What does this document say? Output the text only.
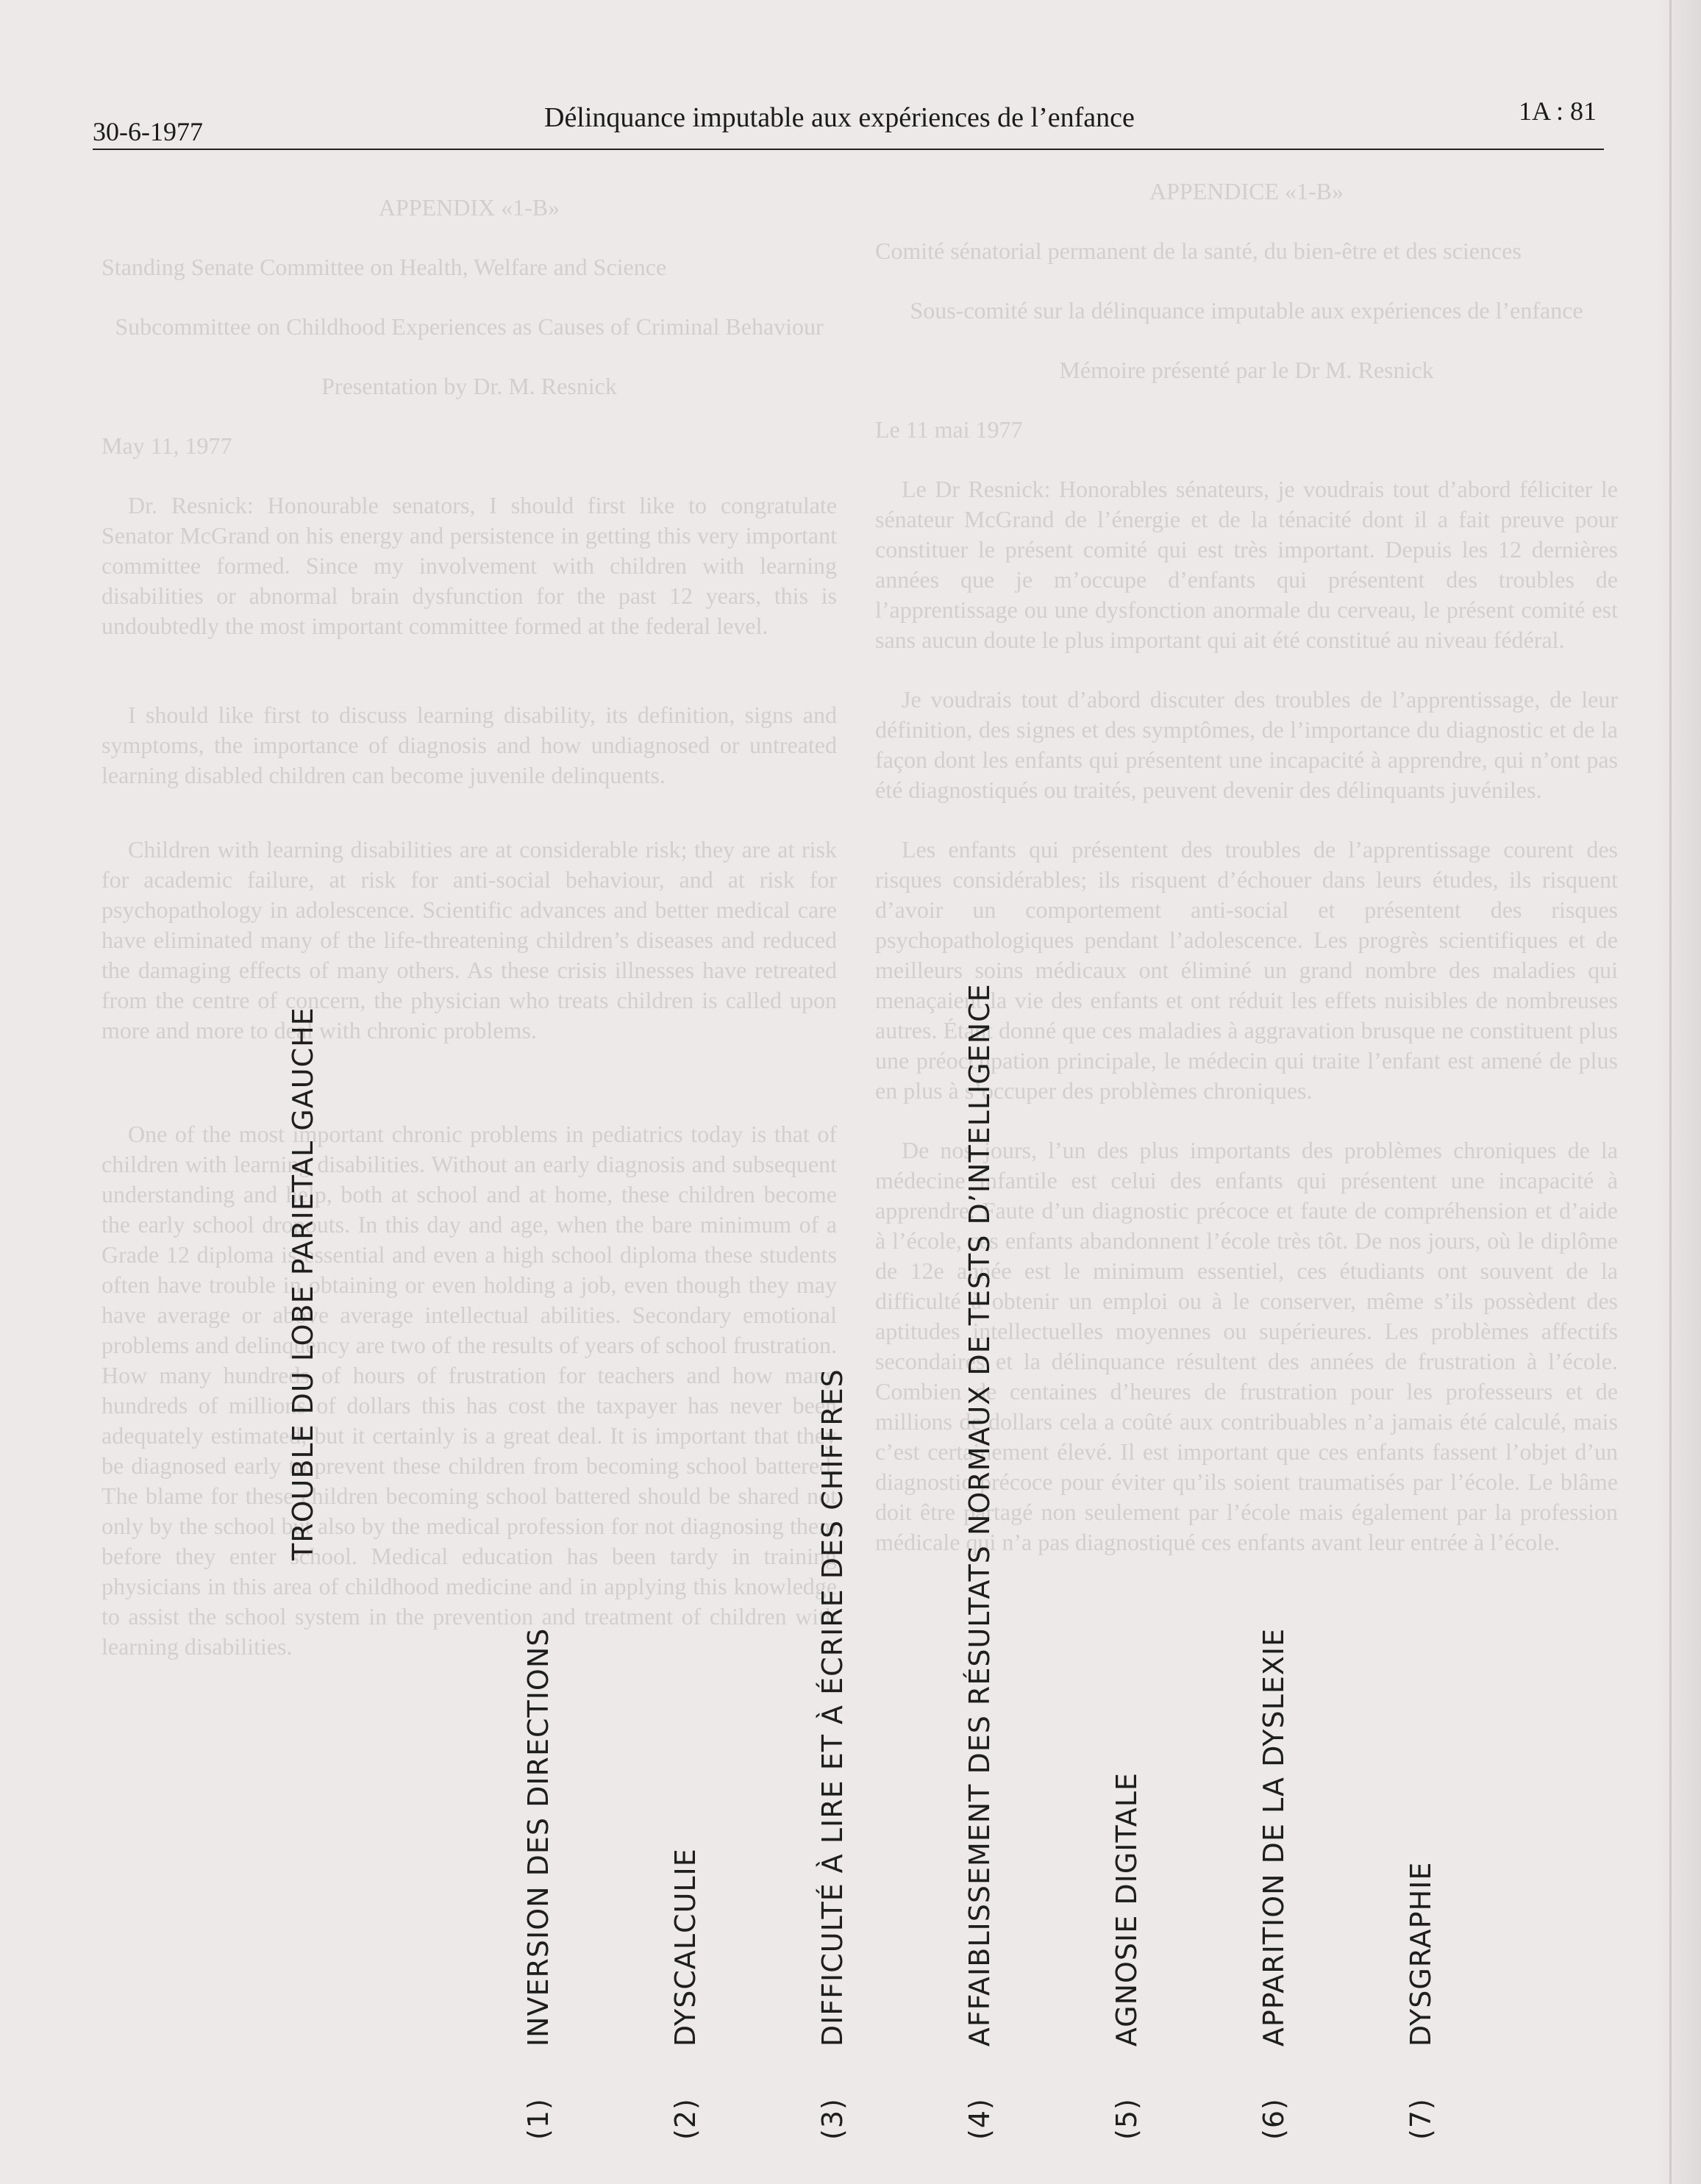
APPENDIX «1-B»

Standing Senate Committee on Health, Welfare and Science

Subcommittee on Childhood Experiences as Causes of Criminal Behaviour

Presentation by Dr. M. Resnick

May 11, 1977

Dr. Resnick: Honourable senators, I should first like to congratulate Senator McGrand on his energy and persistence in getting this very important committee formed. Since my involvement with children with learning disabilities or abnormal brain dysfunction for the past 12 years, this is undoubtedly the most important committee formed at the federal level.

I should like first to discuss learning disability, its definition, signs and symptoms, the importance of diagnosis and how undiagnosed or untreated learning disabled children can become juvenile delinquents.

Children with learning disabilities are at considerable risk; they are at risk for academic failure, at risk for anti-social behaviour, and at risk for psychopathology in adolescence. Scientific advances and better medical care have eliminated many of the life-threatening children’s diseases and reduced the damaging effects of many others. As these crisis illnesses have retreated from the centre of concern, the physician who treats children is called upon more and more to deal with chronic problems.

One of the most important chronic problems in pediatrics today is that of children with learning disabilities. Without an early diagnosis and subsequent understanding and help, both at school and at home, these children become the early school dropouts. In this day and age, when the bare minimum of a Grade 12 diploma is essential and even a high school diploma these students often have trouble in obtaining or even holding a job, even though they may have average or above average intellectual abilities. Secondary emotional problems and delinquency are two of the results of years of school frustration. How many hundreds of hours of frustration for teachers and how many hundreds of millions of dollars this has cost the taxpayer has never been adequately estimated, but it certainly is a great deal. It is important that they be diagnosed early to prevent these children from becoming school battered. The blame for these children becoming school battered should be shared not only by the school but also by the medical profession for not diagnosing them before they enter school. Medical education has been tardy in training physicians in this area of childhood medicine and in applying this knowledge to assist the school system in the prevention and treatment of children with learning disabilities.

APPENDICE «1-B»

Comité sénatorial permanent de la santé, du bien-être et des sciences

Sous-comité sur la délinquance imputable aux expériences de l’enfance

Mémoire présenté par le Dr M. Resnick

Le 11 mai 1977

Le Dr Resnick: Honorables sénateurs, je voudrais tout d’abord féliciter le sénateur McGrand de l’énergie et de la ténacité dont il a fait preuve pour constituer le présent comité qui est très important. Depuis les 12 dernières années que je m’occupe d’enfants qui présentent des troubles de l’apprentissage ou une dysfonction anormale du cerveau, le présent comité est sans aucun doute le plus important qui ait été constitué au niveau fédéral.

Je voudrais tout d’abord discuter des troubles de l’apprentissage, de leur définition, des signes et des symptômes, de l’importance du diagnostic et de la façon dont les enfants qui présentent une incapacité à apprendre, qui n’ont pas été diagnostiqués ou traités, peuvent devenir des délinquants juvéniles.

Les enfants qui présentent des troubles de l’apprentissage courent des risques considérables; ils risquent d’échouer dans leurs études, ils risquent d’avoir un comportement anti-social et présentent des risques psychopathologiques pendant l’adolescence. Les progrès scientifiques et de meilleurs soins médicaux ont éliminé un grand nombre des maladies qui menaçaient la vie des enfants et ont réduit les effets nuisibles de nombreuses autres. Étant donné que ces maladies à aggravation brusque ne constituent plus une préoccupation principale, le médecin qui traite l’enfant est amené de plus en plus à s’occuper des problèmes chroniques.

De nos jours, l’un des plus importants des problèmes chroniques de la médecine infantile est celui des enfants qui présentent une incapacité à apprendre. Faute d’un diagnostic précoce et faute de compréhension et d’aide à l’école, ces enfants abandonnent l’école très tôt. De nos jours, où le diplôme de 12e année est le minimum essentiel, ces étudiants ont souvent de la difficulté à obtenir un emploi ou à le conserver, même s’ils possèdent des aptitudes intellectuelles moyennes ou supérieures. Les problèmes affectifs secondaires et la délinquance résultent des années de frustration à l’école. Combien de centaines d’heures de frustration pour les professeurs et de millions de dollars cela a coûté aux contribuables n’a jamais été calculé, mais c’est certainement élevé. Il est important que ces enfants fassent l’objet d’un diagnostic précoce pour éviter qu’ils soient traumatisés par l’école. Le blâme doit être partagé non seulement par l’école mais également par la profession médicale qui n’a pas diagnostiqué ces enfants avant leur entrée à l’école.

30-6-1977	Délinquance imputable aux expériences de l’enfance	1A : 81
TROUBLE DU LOBE PARIETAL GAUCHE
(1)INVERSION DES DIRECTIONS
(2)DYSCALCULIE
(3)DIFFICULTÉ À LIRE ET À ÉCRIRE DES CHIFFRES
(4)AFFAIBLISSEMENT DES RÉSULTATS NORMAUX DE TESTS D’INTELLIGENCE
(5)AGNOSIE DIGITALE
(6)APPARITION DE LA DYSLEXIE
(7)DYSGRAPHIE
